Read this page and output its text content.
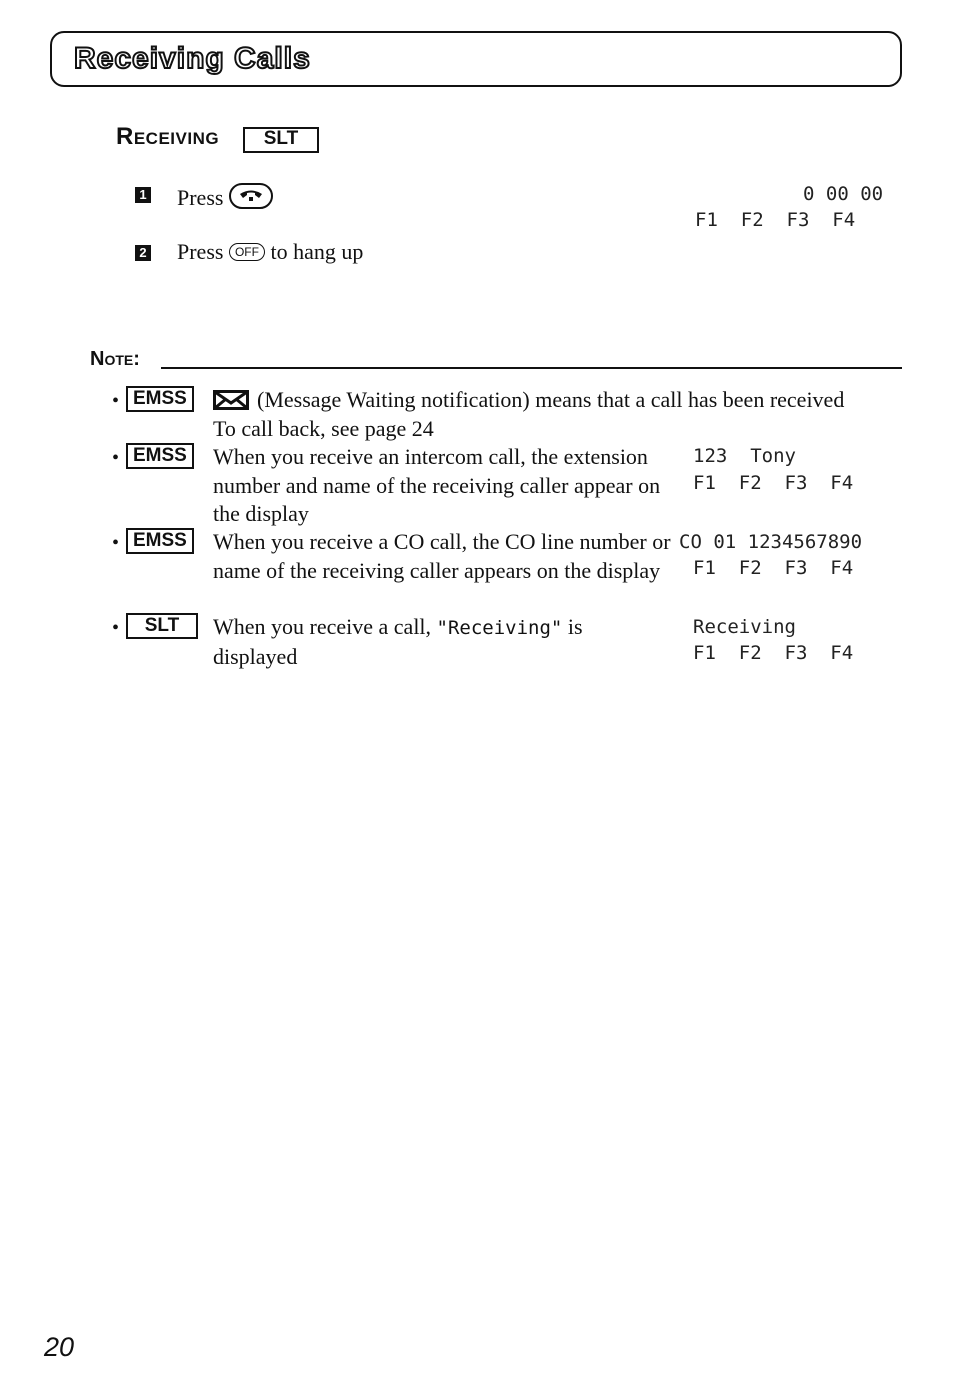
Receiving Calls
Receiving	SLT
1 Press	0 00 00
F1  F2  F3  F4
2 Press OFF to hang up
Note:
• EMSS	(Message Waiting notification) means that a call has been received To call back, see page 24
• EMSS	When you receive an intercom call, the extension number and name of the receiving caller appear on the display
123  Tony
F1  F2  F3  F4
• EMSS	When you receive a CO call, the CO line number or name of the receiving caller appears on the display
CO 01 1234567890
F1  F2  F3  F4
•	SLT	When you receive a call, "Receiving" is displayed
Receiving
F1  F2  F3  F4
20
